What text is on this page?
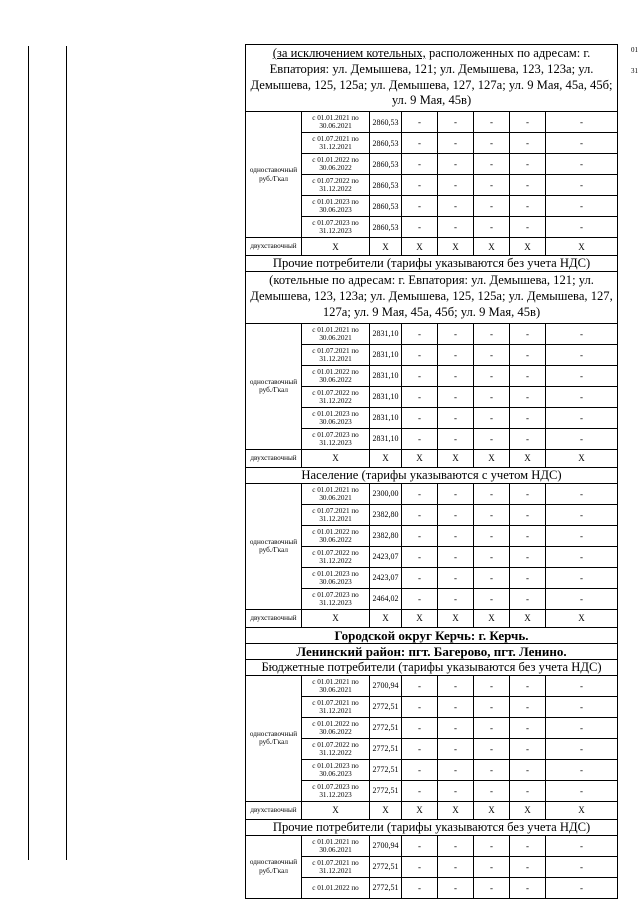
01
31
(за исключением котельных, расположенных по адресам: г. Евпатория: ул. Демышева, 121; ул. Демышева, 123, 123а; ул. Демышева, 125, 125а; ул. Демышева, 127, 127а; ул. 9 Мая, 45а, 45б; ул. 9 Мая, 45в)							
одноставочный руб./Гкал	с 01.01.2021 по 30.06.2021	2860,53	-	-	-	-	-
	с 01.07.2021 по 31.12.2021	2860,53	-	-	-	-	-
	с 01.01.2022 по 30.06.2022	2860,53	-	-	-	-	-
	с 01.07.2022 по 31.12.2022	2860,53	-	-	-	-	-
	с 01.01.2023 по 30.06.2023	2860,53	-	-	-	-	-
	с 01.07.2023 по 31.12.2023	2860,53	-	-	-	-	-
двухставочный	X	X	X	X	X	X	X
Прочие потребители (тарифы указываются без учета НДС)							
(котельные по адресам: г. Евпатория: ул. Демышева, 121; ул. Демышева, 123, 123а; ул. Демышева, 125, 125а; ул. Демышева, 127, 127а; ул. 9 Мая, 45а, 45б; ул. 9 Мая, 45в)							
одноставочный руб./Гкал	с 01.01.2021 по 30.06.2021	2831,10	-	-	-	-	-
	с 01.07.2021 по 31.12.2021	2831,10	-	-	-	-	-
	с 01.01.2022 по 30.06.2022	2831,10	-	-	-	-	-
	с 01.07.2022 по 31.12.2022	2831,10	-	-	-	-	-
	с 01.01.2023 по 30.06.2023	2831,10	-	-	-	-	-
	с 01.07.2023 по 31.12.2023	2831,10	-	-	-	-	-
двухставочный	X	X	X	X	X	X	X
Население (тарифы указываются с учетом НДС)							
одноставочный руб./Гкал	с 01.01.2021 по 30.06.2021	2300,00	-	-	-	-	-
	с 01.07.2021 по 31.12.2021	2382,80	-	-	-	-	-
	с 01.01.2022 по 30.06.2022	2382,80	-	-	-	-	-
	с 01.07.2022 по 31.12.2022	2423,07	-	-	-	-	-
	с 01.01.2023 по 30.06.2023	2423,07	-	-	-	-	-
	с 01.07.2023 по 31.12.2023	2464,02	-	-	-	-	-
двухставочный	X	X	X	X	X	X	X
Городской округ Керчь: г. Керчь.							
Ленинский район: пгт. Багерово, пгт. Ленино.							
Бюджетные потребители (тарифы указываются без учета НДС)							
одноставочный руб./Гкал	с 01.01.2021 по 30.06.2021	2700,94	-	-	-	-	-
	с 01.07.2021 по 31.12.2021	2772,51	-	-	-	-	-
	с 01.01.2022 по 30.06.2022	2772,51	-	-	-	-	-
	с 01.07.2022 по 31.12.2022	2772,51	-	-	-	-	-
	с 01.01.2023 по 30.06.2023	2772,51	-	-	-	-	-
	с 01.07.2023 по 31.12.2023	2772,51	-	-	-	-	-
двухставочный	X	X	X	X	X	X	X
Прочие потребители (тарифы указываются без учета НДС)							
одноставочный руб./Гкал	с 01.01.2021 по 30.06.2021	2700,94	-	-	-	-	-
	с 01.07.2021 по 31.12.2021	2772,51	-	-	-	-	-
	с 01.01.2022 по	2772,51	-	-	-	-	-
